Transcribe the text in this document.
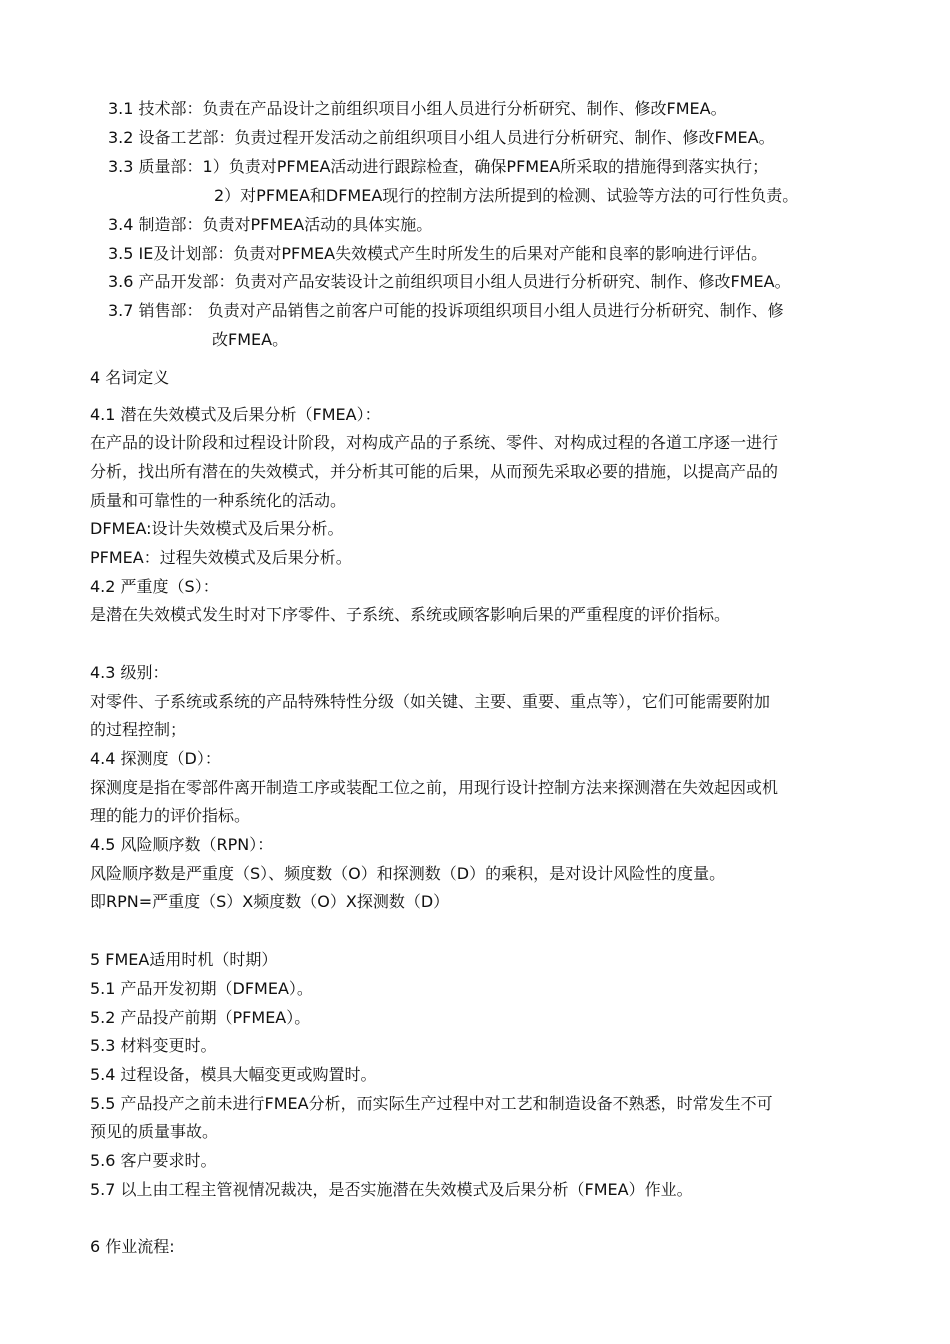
3.1 技术部：负责在产品设计之前组织项目小组人员进行分析研究、制作、修改FMEA。
3.2 设备工艺部：负责过程开发活动之前组织项目小组人员进行分析研究、制作、修改FMEA。
3.3 质量部：1）负责对PFMEA活动进行跟踪检查，确保PFMEA所采取的措施得到落实执行；
2）对PFMEA和DFMEA现行的控制方法所提到的检测、试验等方法的可行性负责。
3.4 制造部：负责对PFMEA活动的具体实施。
3.5 IE及计划部：负责对PFMEA失效模式产生时所发生的后果对产能和良率的影响进行评估。
3.6 产品开发部：负责对产品安装设计之前组织项目小组人员进行分析研究、制作、修改FMEA。
3.7 销售部： 负责对产品销售之前客户可能的投诉项组织项目小组人员进行分析研究、制作、修
改FMEA。
4 名词定义
4.1 潜在失效模式及后果分析（FMEA）：
在产品的设计阶段和过程设计阶段，对构成产品的子系统、零件、对构成过程的各道工序逐一进行
分析，找出所有潜在的失效模式，并分析其可能的后果，从而预先采取必要的措施，以提高产品的
质量和可靠性的一种系统化的活动。
DFMEA:设计失效模式及后果分析。
PFMEA：过程失效模式及后果分析。
4.2 严重度（S）：
是潜在失效模式发生时对下序零件、子系统、系统或顾客影响后果的严重程度的评价指标。
4.3 级别：
对零件、子系统或系统的产品特殊特性分级（如关键、主要、重要、重点等），它们可能需要附加
的过程控制；
4.4 探测度（D）：
探测度是指在零部件离开制造工序或装配工位之前，用现行设计控制方法来探测潜在失效起因或机
理的能力的评价指标。
4.5 风险顺序数（RPN）：
风险顺序数是严重度（S）、频度数（O）和探测数（D）的乘积，是对设计风险性的度量。
即RPN=严重度（S）X频度数（O）X探测数（D）
5 FMEA适用时机（时期）
5.1 产品开发初期（DFMEA）。
5.2 产品投产前期（PFMEA）。
5.3 材料变更时。
5.4 过程设备，模具大幅变更或购置时。
5.5 产品投产之前未进行FMEA分析，而实际生产过程中对工艺和制造设备不熟悉，时常发生不可
预见的质量事故。
5.6 客户要求时。
5.7 以上由工程主管视情况裁决，是否实施潜在失效模式及后果分析（FMEA）作业。
6 作业流程:
